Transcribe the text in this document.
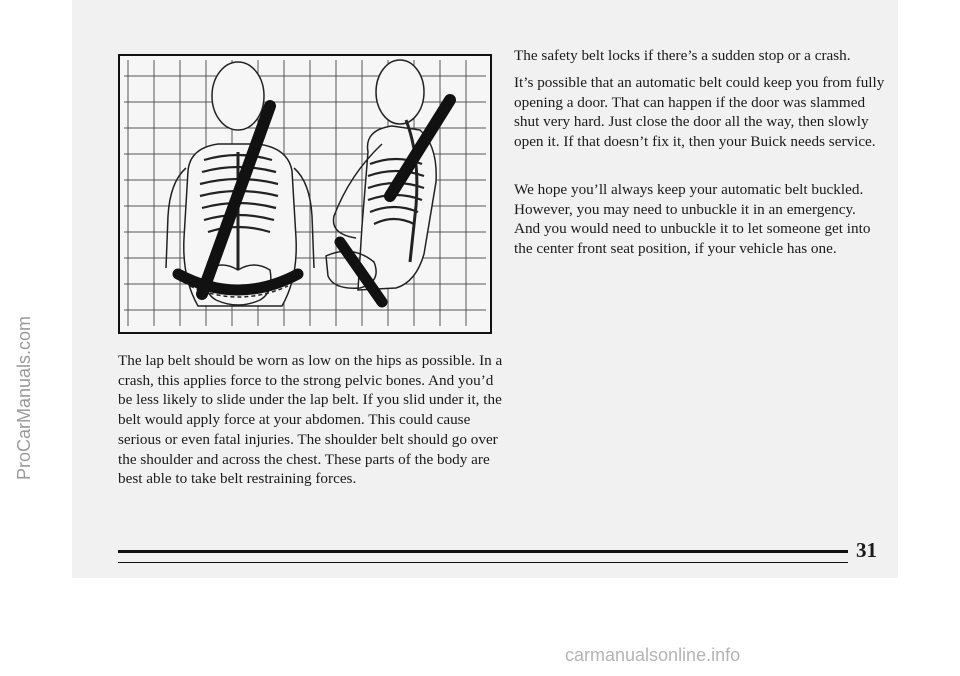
ProCarManuals.com	The lap belt should be worn as low on the hips as possible. In a crash, this applies force to the strong pelvic bones. And you’d be less likely to slide under the lap belt. If you slid under it, the belt would apply force at your abdomen. This could cause serious or even fatal injuries. The shoulder belt should go over the shoulder and across the chest. These parts of the body are best able to take belt restraining forces.

The safety belt locks if there’s a sudden stop or a crash.

It’s possible that an automatic belt could keep you from fully opening a door. That can happen if the door was slammed shut very hard. Just close the door all the way, then slowly open it. If that doesn’t fix it, then your Buick needs service.

We hope you’ll always keep your automatic belt buckled. However, you may need to unbuckle it in an emergency. And you would need to unbuckle it to let someone get into the center front seat position, if your vehicle has one.

31
carmanualsonline.info
